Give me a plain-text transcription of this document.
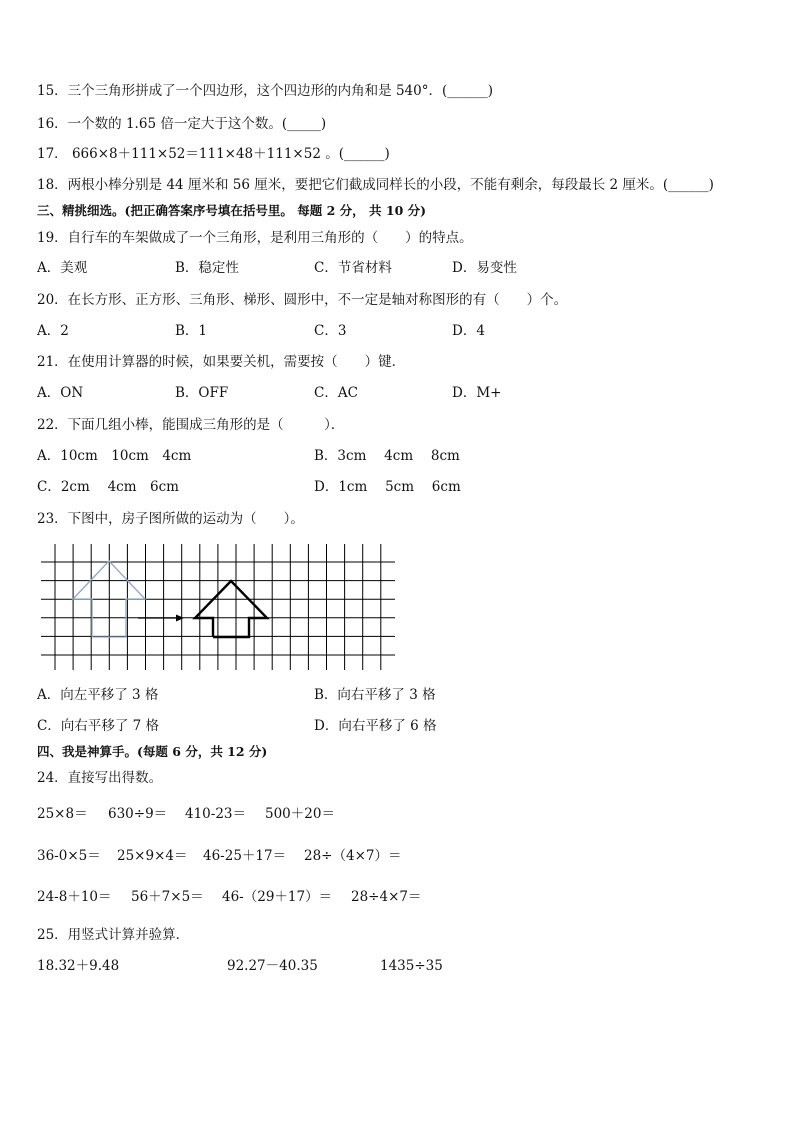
15．三个三角形拼成了一个四边形，这个四边形的内角和是 540°．(______)
16．一个数的 1.65 倍一定大于这个数。(_____)
17． 666×8＋111×52＝111×48＋111×52 。(______)
18．两根小棒分别是 44 厘米和 56 厘米，要把它们截成同样长的小段，不能有剩余，每段最长 2 厘米。(______)
三、精挑细选。(把正确答案序号填在括号里。 每题 2 分， 共 10 分)
19．自行车的车架做成了一个三角形，是利用三角形的（　　）的特点。
A．美观	B．稳定性	C．节省材料	D．易变性
20．在长方形、正方形、三角形、梯形、圆形中，不一定是轴对称图形的有（　　）个。
A．2	B．1	C．3	D．4
21．在使用计算器的时候，如果要关机，需要按（　　）键．
A．ON	B．OFF	C．AC	D．M+
22．下面几组小棒，能围成三角形的是（　　　）．
A．10cm　10cm　4cm	B．3cm　 4cm　 8cm
C．2cm　 4cm　6cm	D．1cm　 5cm　 6cm
23．下图中，房子图所做的运动为（　　）。
A．向左平移了 3 格	B．向右平移了 3 格
C．向右平移了 7 格	D．向右平移了 6 格
四、我是神算手。(每题 6 分，共 12 分)
24．直接写出得数。
25×8＝ 630÷9＝ 410-23＝ 500＋20＝
36-0×5＝ 25×9×4＝ 46-25＋17＝ 28÷（4×7）＝
24-8＋10＝ 56＋7×5＝ 46-（29＋17）＝ 28÷4×7＝
25．用竖式计算并验算．
18.32＋9.48	92.27－40.35	1435÷35
